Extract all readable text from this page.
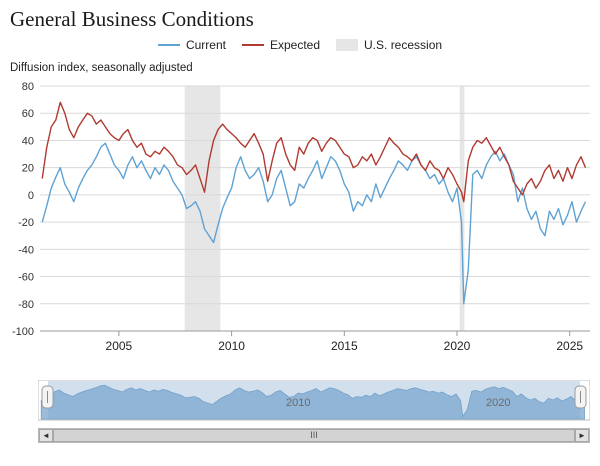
General Business Conditions
Current	Expected	U.S. recession
Diffusion index, seasonally adjusted
80
60
40
20
0
-20
-40
-60
-80
-100
2005	2010	2015	2020	2025
2010	2020
◄	III	►
